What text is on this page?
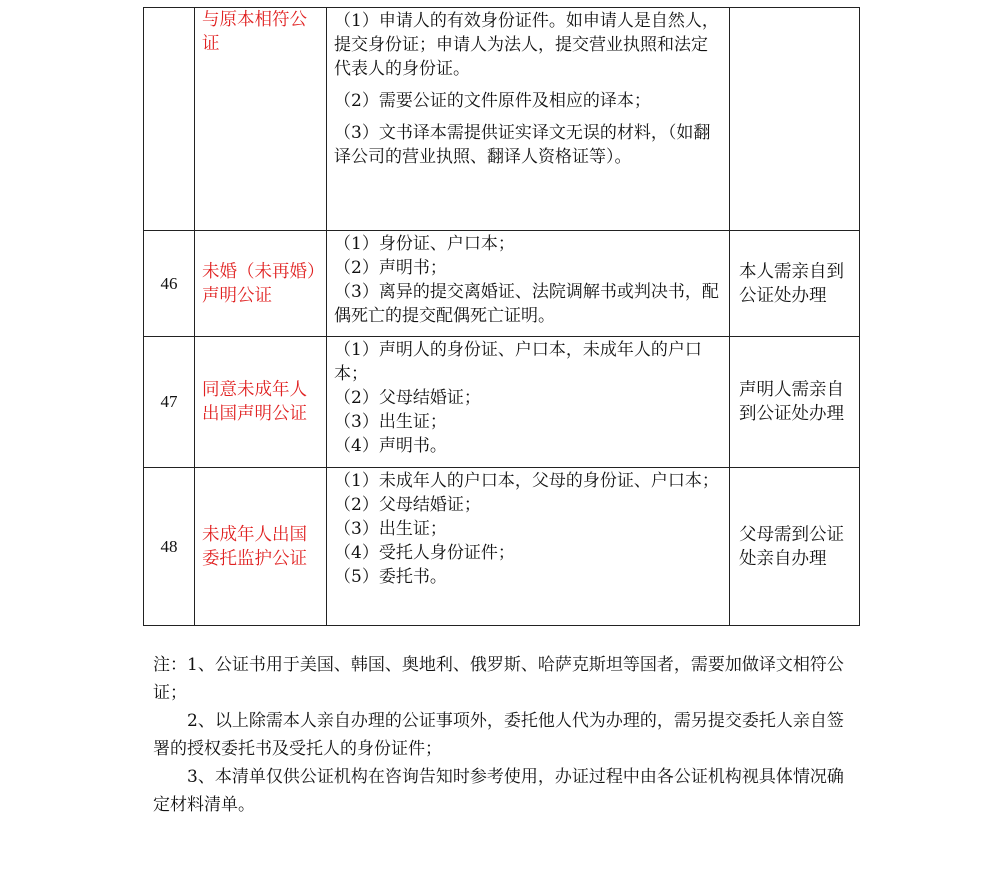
	与原本相符公证	（1）申请人的有效身份证件。如申请人是自然人，提交身份证；申请人为法人，提交营业执照和法定代表人的身份证。
（2）需要公证的文件原件及相应的译本；
（3）文书译本需提供证实译文无误的材料，（如翻译公司的营业执照、翻译人资格证等）。	

46	未婚（未再婚）声明公证	（1）身份证、户口本；
（2）声明书；
（3）离异的提交离婚证、法院调解书或判决书，配偶死亡的提交配偶死亡证明。	本人需亲自到公证处办理
47	同意未成年人出国声明公证	（1）声明人的身份证、户口本，未成年人的户口本；
（2）父母结婚证；
（3）出生证；
（4）声明书。	声明人需亲自到公证处办理
48	未成年人出国委托监护公证	（1）未成年人的户口本，父母的身份证、户口本；
（2）父母结婚证；
（3）出生证；
（4）受托人身份证件；
（5）委托书。	父母需到公证处亲自办理
注：1、公证书用于美国、韩国、奥地利、俄罗斯、哈萨克斯坦等国者，需要加做译文相符公证；
2、以上除需本人亲自办理的公证事项外，委托他人代为办理的，需另提交委托人亲自签署的授权委托书及受托人的身份证件；
3、本清单仅供公证机构在咨询告知时参考使用，办证过程中由各公证机构视具体情况确定材料清单。
